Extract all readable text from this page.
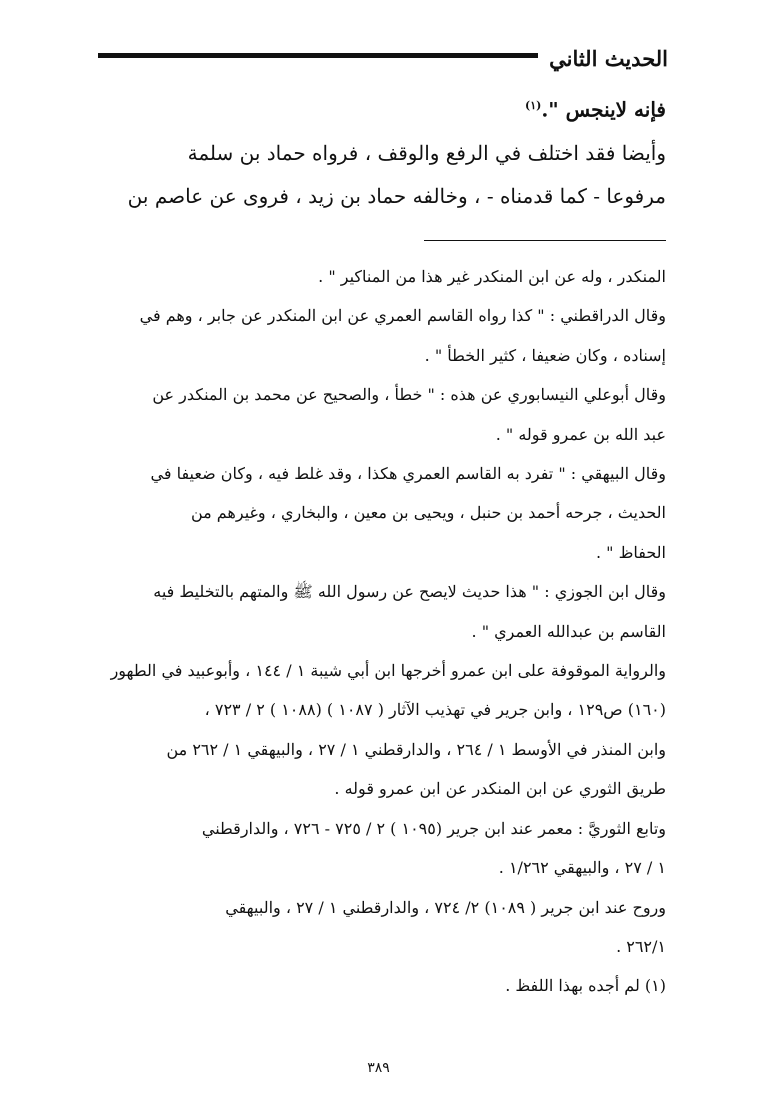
الحديث الثاني

فإنه لاينجس ".$^{(١)}$

وأيضا فقد اختلف في الرفع والوقف ، فرواه حماد بن سلمة

مرفوعا - كما قدمناه - ، وخالفه حماد بن زيد ، فروى عن عاصم بن

المنكدر ، وله عن ابن المنكدر غير هذا من المناكير " .

وقال الدراقطني : " كذا رواه القاسم العمري عن ابن المنكدر عن جابر ، وهم في

إسناده ، وكان ضعيفا ، كثير الخطأ " .

وقال أبوعلي النيسابوري عن هذه : " خطأ ، والصحيح عن محمد بن المنكدر عن

عبد الله بن عمرو قوله " .

وقال البيهقي : " تفرد به القاسم العمري هكذا ، وقد غلط فيه ، وكان ضعيفا في

الحديث ، جرحه أحمد بن حنبل ، ويحيى بن معين ، والبخاري ، وغيرهم من

الحفاظ " .

وقال ابن الجوزي : " هذا حديث لايصح عن رسول الله ﷺ والمتهم بالتخليط فيه

القاسم بن عبدالله العمري " .

والرواية الموقوفة على ابن عمرو أخرجها ابن أبي شيبة ١ / ١٤٤ ، وأبوعبيد في الطهور

(١٦٠) ص١٢٩ ، وابن جرير في تهذيب الآثار ( ١٠٨٧ ) (١٠٨٨ ) ٢ / ٧٢٣ ،

وابن المنذر في الأوسط ١ / ٢٦٤ ، والدارقطني ١ / ٢٧ ، والبيهقي ١ / ٢٦٢ من

طريق الثوري عن ابن المنكدر عن ابن عمرو قوله .

وتابع الثوريَّ : معمر عند ابن جرير (١٠٩٥ ) ٢ / ٧٢٥ - ٧٢٦ ، والدارقطني

١ / ٢٧ ، والبيهقي ١/٢٦٢ .

وروح عند ابن جرير ( ١٠٨٩) ٢/ ٧٢٤ ، والدارقطني ١ / ٢٧ ، والبيهقي

٢٦٢/١ .

(١) لم أجده بهذا اللفظ .

٣٨٩
